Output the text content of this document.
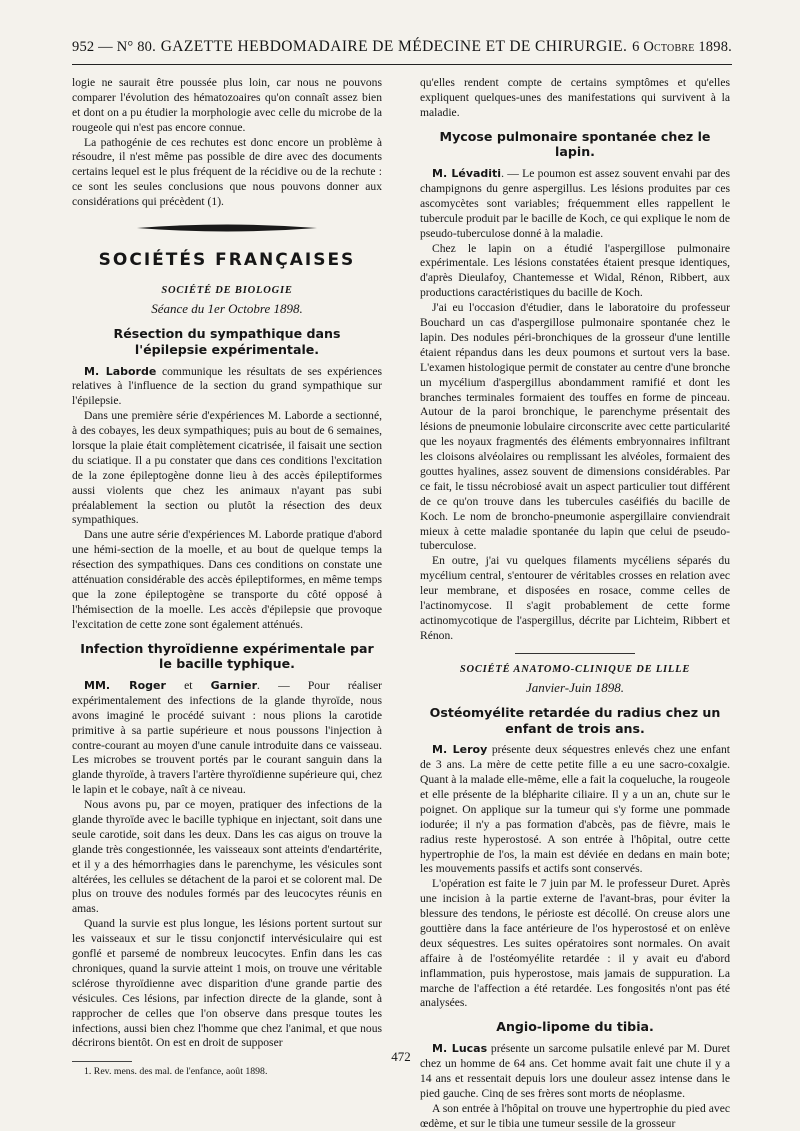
952 — N° 80. GAZETTE HEBDOMADAIRE DE MÉDECINE ET DE CHIRURGIE. 6 Octobre 1898.

logie ne saurait être poussée plus loin, car nous ne pouvons comparer l'évolution des hématozoaires qu'on connaît assez bien et dont on a pu étudier la morphologie avec celle du microbe de la rougeole qui n'est pas encore connue.

La pathogénie de ces rechutes est donc encore un problème à résoudre, il n'est même pas possible de dire avec des documents certains lequel est le plus fréquent de la récidive ou de la rechute : ce sont les seules conclusions que nous pouvons donner aux considérations qui précèdent (1).

SOCIÉTÉS FRANÇAISES
SOCIÉTÉ DE BIOLOGIE
Séance du 1er Octobre 1898.
Résection du sympathique dans l'épilepsie expérimentale.

M. Laborde communique les résultats de ses expériences relatives à l'influence de la section du grand sympathique sur l'épilepsie.

Dans une première série d'expériences M. Laborde a sectionné, à des cobayes, les deux sympathiques; puis au bout de 6 semaines, lorsque la plaie était complètement cicatrisée, il faisait une section du sciatique. Il a pu constater que dans ces conditions l'excitation de la zone épileptogène donne lieu à des accès épileptiformes aussi violents que chez les animaux n'ayant pas subi préalablement la section ou plutôt la résection des deux sympathiques.

Dans une autre série d'expériences M. Laborde pratique d'abord une hémi-section de la moelle, et au bout de quelque temps la résection des sympathiques. Dans ces conditions on constate une atténuation considérable des accès épileptiformes, en même temps que la zone épileptogène se transporte du côté opposé à l'hémisection de la moelle. Les accès d'épilepsie que provoque l'excitation de cette zone sont également atténués.

Infection thyroïdienne expérimentale par le bacille typhique.

MM. Roger et Garnier. — Pour réaliser expérimentalement des infections de la glande thyroïde, nous avons imaginé le procédé suivant : nous plions la carotide primitive à sa partie supérieure et nous poussons l'injection à contre-courant au moyen d'une canule introduite dans ce vaisseau. Les microbes se trouvent portés par le courant sanguin dans la glande thyroïde, à travers l'artère thyroïdienne supérieure qui, chez le lapin et le cobaye, naît à ce niveau.

Nous avons pu, par ce moyen, pratiquer des infections de la glande thyroïde avec le bacille typhique en injectant, soit dans une seule carotide, soit dans les deux. Dans les cas aigus on trouve la glande très congestionnée, les vaisseaux sont atteints d'endartérite, et il y a des hémorrhagies dans le parenchyme, les vésicules sont altérées, les cellules se détachent de la paroi et se colorent mal. De plus on trouve des nodules formés par des leucocytes réunis en amas.

Quand la survie est plus longue, les lésions portent surtout sur les vaisseaux et sur le tissu conjonctif intervésiculaire qui est gonflé et parsemé de nombreux leucocytes. Enfin dans les cas chroniques, quand la survie atteint 1 mois, on trouve une véritable sclérose thyroïdienne avec disparition d'une grande partie des vésicules. Ces lésions, par infection directe de la glande, sont à rapprocher de celles que l'on observe dans presque toutes les infections, aussi bien chez l'homme que chez l'animal, et que nous décrirons bientôt. On est en droit de supposer

1. Rev. mens. des mal. de l'enfance, août 1898.

qu'elles rendent compte de certains symptômes et qu'elles expliquent quelques-unes des manifestations qui survivent à la maladie.

Mycose pulmonaire spontanée chez le lapin.

M. Lévaditi. — Le poumon est assez souvent envahi par des champignons du genre aspergillus. Les lésions produites par ces ascomycètes sont variables; fréquemment elles rappellent le tubercule produit par le bacille de Koch, ce qui explique le nom de pseudo-tuberculose donné à la maladie.

Chez le lapin on a étudié l'aspergillose pulmonaire expérimentale. Les lésions constatées étaient presque identiques, d'après Dieulafoy, Chantemesse et Widal, Rénon, Ribbert, aux productions caractéristiques du bacille de Koch.

J'ai eu l'occasion d'étudier, dans le laboratoire du professeur Bouchard un cas d'aspergillose pulmonaire spontanée chez le lapin. Des nodules péri-bronchiques de la grosseur d'une lentille étaient répandus dans les deux poumons et surtout vers la base. L'examen histologique permit de constater au centre d'une bronche un mycélium d'aspergillus abondamment ramifié et dont les branches terminales formaient des touffes en forme de pinceau. Autour de la paroi bronchique, le parenchyme présentait des lésions de pneumonie lobulaire circonscrite avec cette particularité que les noyaux fragmentés des éléments embryonnaires infiltrant les cloisons alvéolaires ou remplissant les alvéoles, formaient des gouttes hyalines, assez souvent de dimensions considérables. Par ce fait, le tissu nécrobiosé avait un aspect particulier tout différent de ce qu'on trouve dans les tubercules caséifiés du bacille de Koch. Le nom de broncho-pneumonie aspergillaire conviendrait mieux à cette maladie spontanée du lapin que celui de pseudo-tuberculose.

En outre, j'ai vu quelques filaments mycéliens séparés du mycélium central, s'entourer de véritables crosses en relation avec leur membrane, et disposées en rosace, comme celles de l'actinomycose. Il s'agit probablement de cette forme actinomycotique de l'aspergillus, décrite par Lichteim, Ribbert et Rénon.

SOCIÉTÉ ANATOMO-CLINIQUE DE LILLE
Janvier-Juin 1898.
Ostéomyélite retardée du radius chez un enfant de trois ans.

M. Leroy présente deux séquestres enlevés chez une enfant de 3 ans. La mère de cette petite fille a eu une sacro-coxalgie. Quant à la malade elle-même, elle a fait la coqueluche, la rougeole et elle présente de la blépharite ciliaire. Il y a un an, chute sur le poignet. On applique sur la tumeur qui s'y forme une pommade iodurée; il n'y a pas formation d'abcès, pas de fièvre, mais le radius reste hyperostosé. A son entrée à l'hôpital, outre cette hypertrophie de l'os, la main est déviée en dedans en main bote; les mouvements passifs et actifs sont conservés.

L'opération est faite le 7 juin par M. le professeur Duret. Après une incision à la partie externe de l'avant-bras, pour éviter la blessure des tendons, le périoste est décollé. On creuse alors une gouttière dans la face antérieure de l'os hyperostosé et on enlève deux séquestres. Les suites opératoires sont normales. On avait affaire à de l'ostéomyélite retardée : il y avait eu d'abord inflammation, puis hyperostose, mais jamais de suppuration. La marche de l'affection a été retardée. Les fongosités n'ont pas été analysées.

Angio-lipome du tibia.

M. Lucas présente un sarcome pulsatile enlevé par M. Duret chez un homme de 64 ans. Cet homme avait fait une chute il y a 14 ans et ressentait depuis lors une douleur assez intense dans le pied gauche. Cinq de ses frères sont morts de néoplasme.

A son entrée à l'hôpital on trouve une hypertrophie du pied avec œdème, et sur le tibia une tumeur sessile de la grosseur

472
